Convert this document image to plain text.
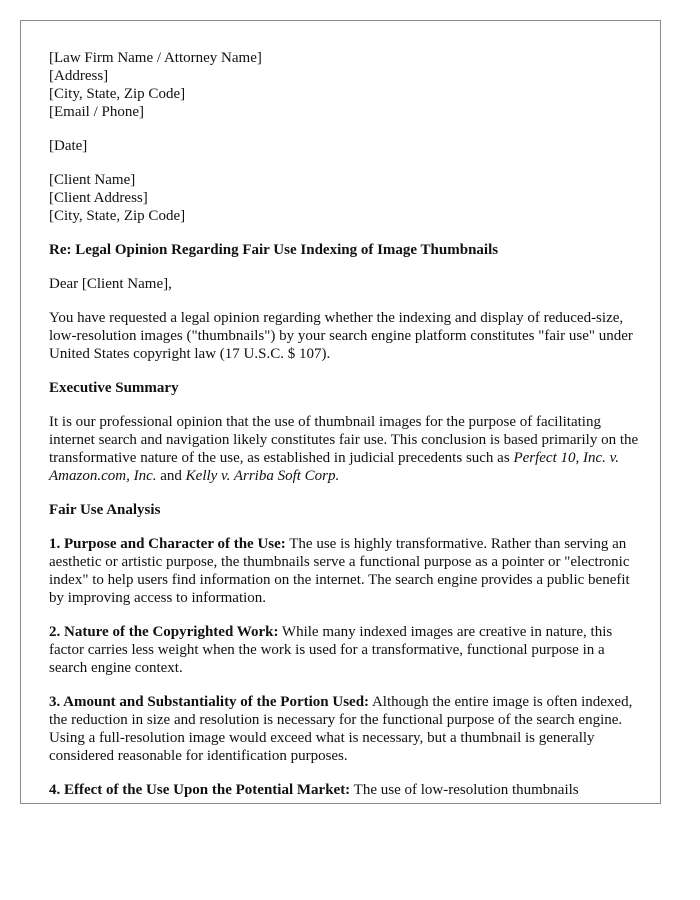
[Law Firm Name / Attorney Name]
[Address]
[City, State, Zip Code]
[Email / Phone]

[Date]

[Client Name]
[Client Address]
[City, State, Zip Code]

Re: Legal Opinion Regarding Fair Use Indexing of Image Thumbnails

Dear [Client Name],

You have requested a legal opinion regarding whether the indexing and display of reduced-size, low-resolution images ("thumbnails") by your search engine platform constitutes "fair use" under United States copyright law (17 U.S.C. $ 107).

Executive Summary

It is our professional opinion that the use of thumbnail images for the purpose of facilitating internet search and navigation likely constitutes fair use. This conclusion is based primarily on the transformative nature of the use, as established in judicial precedents such as Perfect 10, Inc. v. Amazon.com, Inc. and Kelly v. Arriba Soft Corp.

Fair Use Analysis

1. Purpose and Character of the Use: The use is highly transformative. Rather than serving an aesthetic or artistic purpose, the thumbnails serve a functional purpose as a pointer or "electronic index" to help users find information on the internet. The search engine provides a public benefit by improving access to information.

2. Nature of the Copyrighted Work: While many indexed images are creative in nature, this factor carries less weight when the work is used for a transformative, functional purpose in a search engine context.

3. Amount and Substantiality of the Portion Used: Although the entire image is often indexed, the reduction in size and resolution is necessary for the functional purpose of the search engine. Using a full-resolution image would exceed what is necessary, but a thumbnail is generally considered reasonable for identification purposes.

4. Effect of the Use Upon the Potential Market: The use of low-resolution thumbnails
